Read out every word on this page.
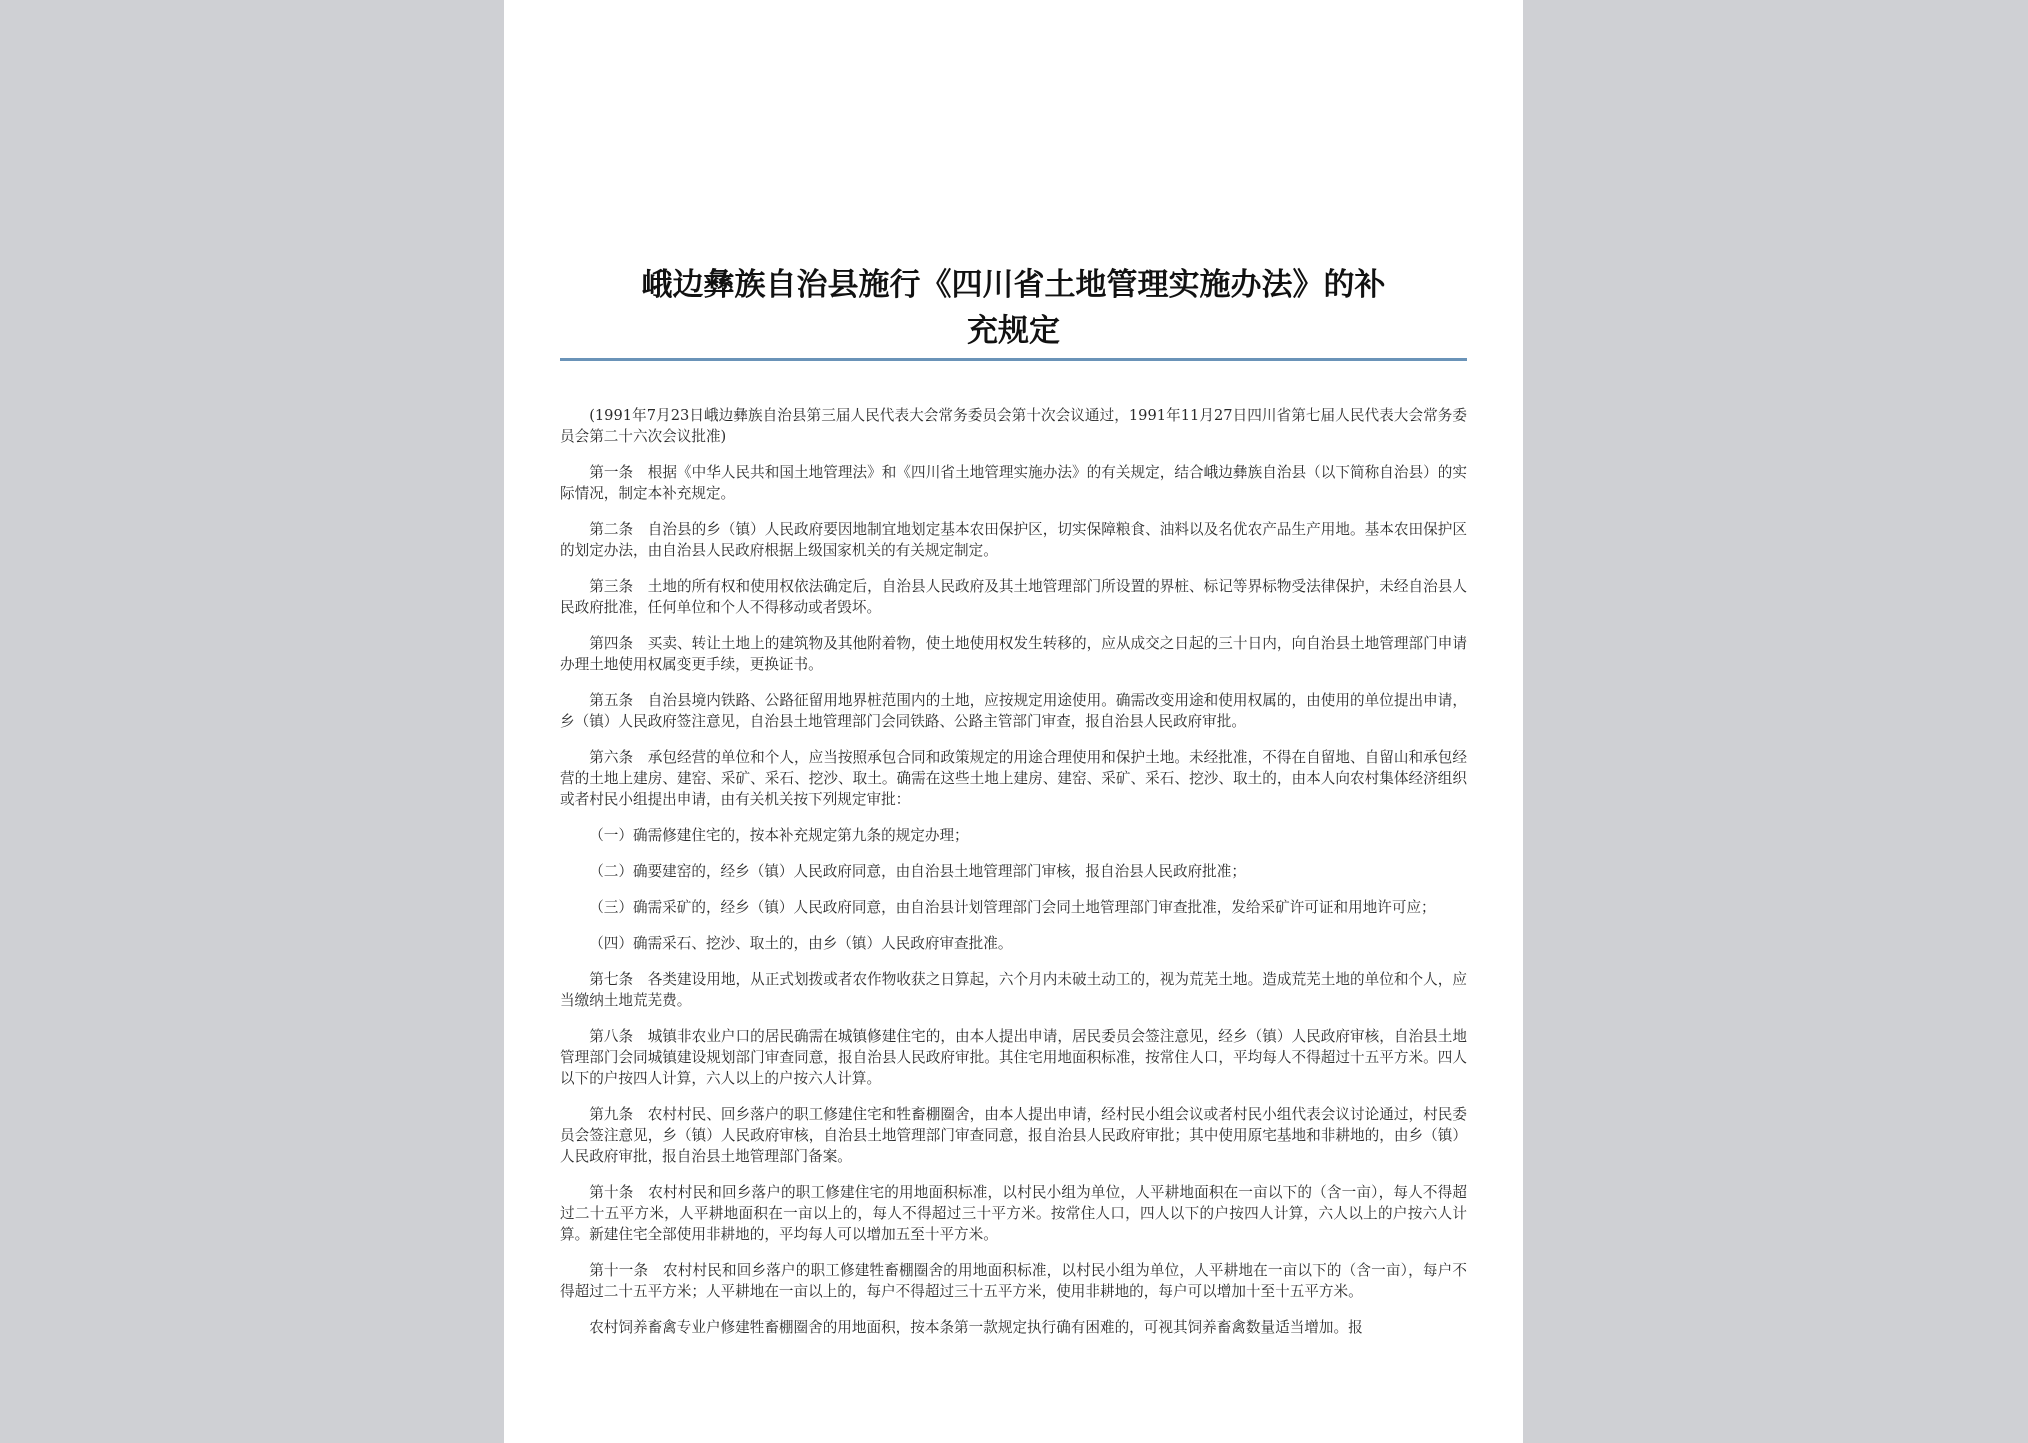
峨边彝族自治县施行《四川省土地管理实施办法》的补
充规定

(1991年7月23日峨边彝族自治县第三届人民代表大会常务委员会第十次会议通过，1991年11月27日四川省第七届人民代表大会常务委员会第二十六次会议批准)

第一条　根据《中华人民共和国土地管理法》和《四川省土地管理实施办法》的有关规定，结合峨边彝族自治县（以下简称自治县）的实际情况，制定本补充规定。

第二条　自治县的乡（镇）人民政府要因地制宜地划定基本农田保护区，切实保障粮食、油料以及名优农产品生产用地。基本农田保护区的划定办法，由自治县人民政府根据上级国家机关的有关规定制定。

第三条　土地的所有权和使用权依法确定后，自治县人民政府及其土地管理部门所设置的界桩、标记等界标物受法律保护，未经自治县人民政府批准，任何单位和个人不得移动或者毁坏。

第四条　买卖、转让土地上的建筑物及其他附着物，使土地使用权发生转移的，应从成交之日起的三十日内，向自治县土地管理部门申请办理土地使用权属变更手续，更换证书。

第五条　自治县境内铁路、公路征留用地界桩范围内的土地，应按规定用途使用。确需改变用途和使用权属的，由使用的单位提出申请，乡（镇）人民政府签注意见，自治县土地管理部门会同铁路、公路主管部门审查，报自治县人民政府审批。

第六条　承包经营的单位和个人，应当按照承包合同和政策规定的用途合理使用和保护土地。未经批准，不得在自留地、自留山和承包经营的土地上建房、建窑、采矿、采石、挖沙、取土。确需在这些土地上建房、建窑、采矿、采石、挖沙、取土的，由本人向农村集体经济组织或者村民小组提出申请，由有关机关按下列规定审批：

（一）确需修建住宅的，按本补充规定第九条的规定办理；

（二）确要建窑的，经乡（镇）人民政府同意，由自治县土地管理部门审核，报自治县人民政府批准；

（三）确需采矿的，经乡（镇）人民政府同意，由自治县计划管理部门会同土地管理部门审查批准，发给采矿许可证和用地许可应；

（四）确需采石、挖沙、取土的，由乡（镇）人民政府审查批准。

第七条　各类建设用地，从正式划拨或者农作物收获之日算起，六个月内未破土动工的，视为荒芜土地。造成荒芜土地的单位和个人，应当缴纳土地荒芜费。

第八条　城镇非农业户口的居民确需在城镇修建住宅的，由本人提出申请，居民委员会签注意见，经乡（镇）人民政府审核，自治县土地管理部门会同城镇建设规划部门审查同意，报自治县人民政府审批。其住宅用地面积标准，按常住人口，平均每人不得超过十五平方米。四人以下的户按四人计算，六人以上的户按六人计算。

第九条　农村村民、回乡落户的职工修建住宅和牲畜棚圈舍，由本人提出申请，经村民小组会议或者村民小组代表会议讨论通过，村民委员会签注意见，乡（镇）人民政府审核，自治县土地管理部门审查同意，报自治县人民政府审批；其中使用原宅基地和非耕地的，由乡（镇）人民政府审批，报自治县土地管理部门备案。

第十条　农村村民和回乡落户的职工修建住宅的用地面积标准，以村民小组为单位，人平耕地面积在一亩以下的（含一亩），每人不得超过二十五平方米，人平耕地面积在一亩以上的，每人不得超过三十平方米。按常住人口，四人以下的户按四人计算，六人以上的户按六人计算。新建住宅全部使用非耕地的，平均每人可以增加五至十平方米。

第十一条　农村村民和回乡落户的职工修建牲畜棚圈舍的用地面积标准，以村民小组为单位，人平耕地在一亩以下的（含一亩），每户不得超过二十五平方米；人平耕地在一亩以上的，每户不得超过三十五平方米，使用非耕地的，每户可以增加十至十五平方米。

农村饲养畜禽专业户修建牲畜棚圈舍的用地面积，按本条第一款规定执行确有困难的，可视其饲养畜禽数量适当增加。报
